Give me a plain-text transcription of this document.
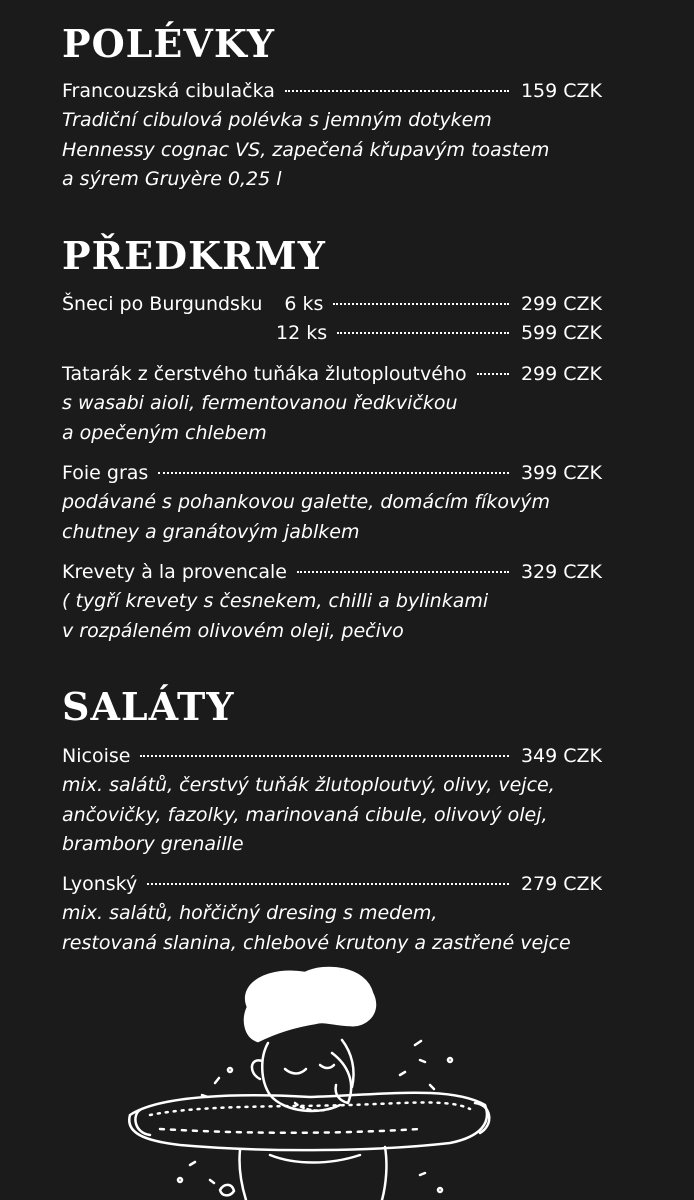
POLÉVKY
Francouzská cibulačka	159 CZK
Tradiční cibulová polévka s jemným dotykem
Hennessy cognac VS, zapečená křupavým toastem
a sýrem Gruyère 0,25 l
PŘEDKRMY
Šneci po Burgundsku 6 ks	299 CZK
12 ks	599 CZK
Tatarák z čerstvého tuňáka žlutoploutvého	299 CZK
s wasabi aioli, fermentovanou ředkvičkou
a opečeným chlebem
Foie gras	399 CZK
podávané s pohankovou galette, domácím fíkovým
chutney a granátovým jablkem
Krevety à la provencale	329 CZK
( tygří krevety s česnekem, chilli a bylinkami
v rozpáleném olivovém oleji, pečivo
SALÁTY
Nicoise	349 CZK
mix. salátů, čerstvý tuňák žlutoploutvý, olivy, vejce,
ančovičky, fazolky, marinovaná cibule, olivový olej,
brambory grenaille
Lyonský	279 CZK
mix. salátů, hořčičný dresing s medem,
restovaná slanina, chlebové krutony a zastřené vejce
